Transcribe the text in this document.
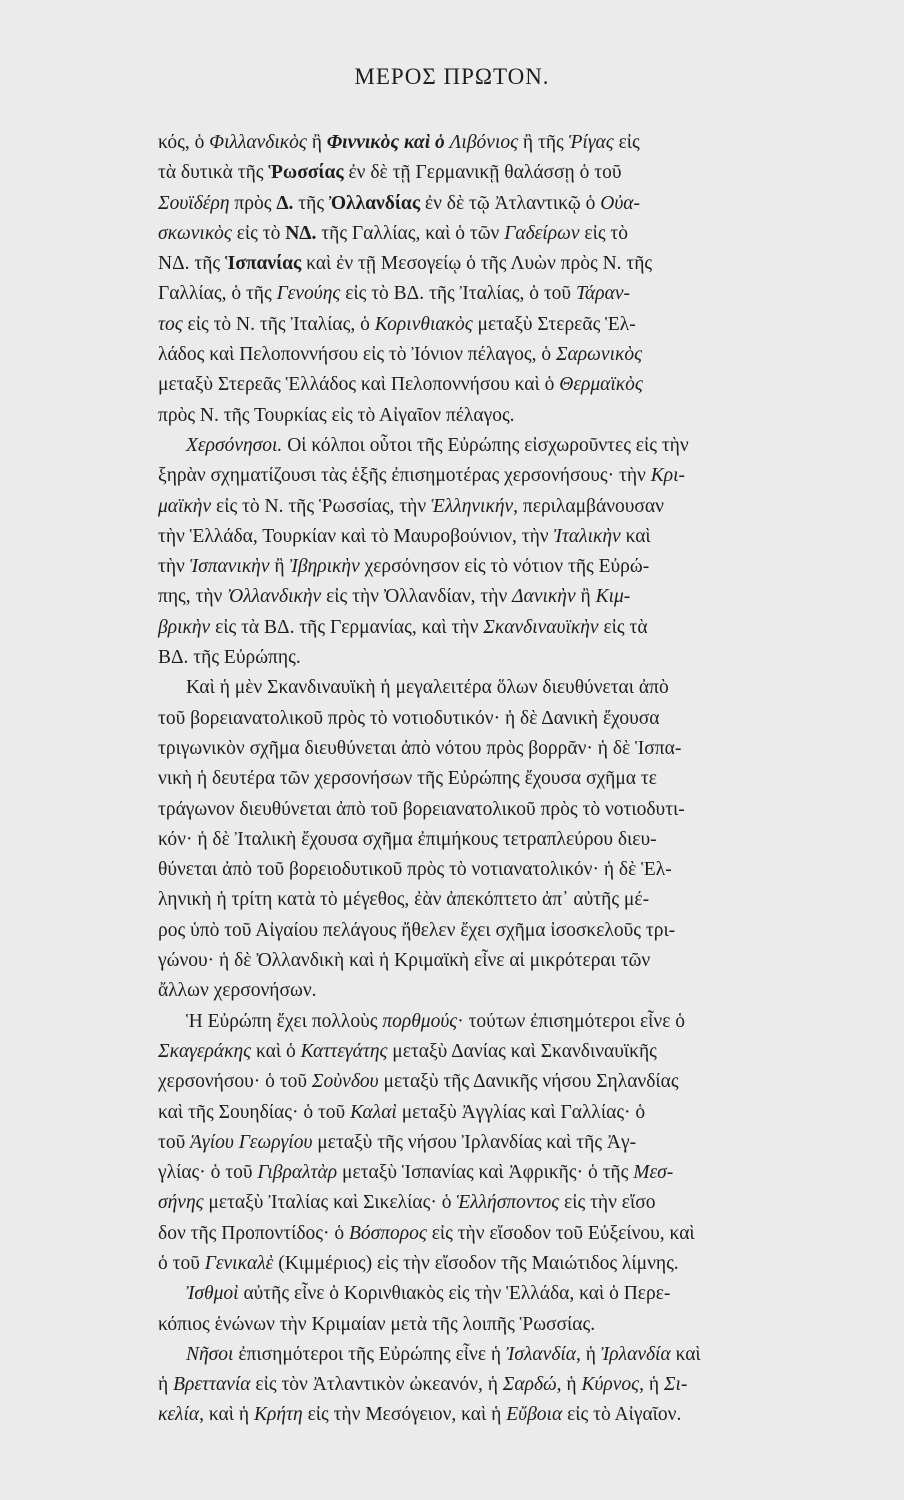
ΜΕΡΟΣ ΠΡΩΤΟΝ.
κός, ὁ Φιλλανδικὸς ἢ Φιννικὸς καὶ ὁ Λιβόνιος ἢ τῆς Ῥίγας εἰς
τὰ δυτικὰ τῆς Ῥωσσίας ἐν δὲ τῇ Γερμανικῇ θαλάσσῃ ὁ τοῦ
Σουϊδέρη πρὸς Δ. τῆς Ὀλλανδίας ἐν δὲ τῷ Ἀτλαντικῷ ὁ Οὐα-
σκωνικὸς εἰς τὸ ΝΔ. τῆς Γαλλίας, καὶ ὁ τῶν Γαδείρων εἰς τὸ
ΝΔ. τῆς Ἱσπανίας καὶ ἐν τῇ Μεσογείῳ ὁ τῆς Λυὼν πρὸς Ν. τῆς
Γαλλίας, ὁ τῆς Γενούης εἰς τὸ ΒΔ. τῆς Ἰταλίας, ὁ τοῦ Τάραν-
τος εἰς τὸ Ν. τῆς Ἰταλίας, ὁ Κορινθιακὸς μεταξὺ Στερεᾶς Ἑλ-
λάδος καὶ Πελοποννήσου εἰς τὸ Ἰόνιον πέλαγος, ὁ Σαρωνικὸς
μεταξὺ Στερεᾶς Ἑλλάδος καὶ Πελοποννήσου καὶ ὁ Θερμαϊκὸς
πρὸς Ν. τῆς Τουρκίας εἰς τὸ Αἰγαῖον πέλαγος.
Χερσόνησοι. Οἱ κόλποι οὗτοι τῆς Εὐρώπης εἰσχωροῦντες εἰς τὴν
ξηρὰν σχηματίζουσι τὰς ἑξῆς ἐπισημοτέρας χερσονήσους· τὴν Κρι-
μαϊκὴν εἰς τὸ Ν. τῆς Ῥωσσίας, τὴν Ἑλληνικήν, περιλαμβάνουσαν
τὴν Ἑλλάδα, Τουρκίαν καὶ τὸ Μαυροβούνιον, τὴν Ἰταλικὴν καὶ
τὴν Ἱσπανικὴν ἢ Ἰβηρικὴν χερσόνησον εἰς τὸ νότιον τῆς Εὐρώ-
πης, τὴν Ὀλλανδικὴν εἰς τὴν Ὀλλανδίαν, τὴν Δανικὴν ἢ Κιμ-
βρικὴν εἰς τὰ ΒΔ. τῆς Γερμανίας, καὶ τὴν Σκανδιναυϊκὴν εἰς τὰ
ΒΔ. τῆς Εὐρώπης.
Καὶ ἡ μὲν Σκανδιναυϊκὴ ἡ μεγαλειτέρα ὅλων διευθύνεται ἀπὸ
τοῦ βορειανατολικοῦ πρὸς τὸ νοτιοδυτικόν· ἡ δὲ Δανικὴ ἔχουσα
τριγωνικὸν σχῆμα διευθύνεται ἀπὸ νότου πρὸς βορρᾶν· ἡ δὲ Ἱσπα-
νικὴ ἡ δευτέρα τῶν χερσονήσων τῆς Εὐρώπης ἔχουσα σχῆμα τε
τράγωνον διευθύνεται ἀπὸ τοῦ βορειανατολικοῦ πρὸς τὸ νοτιοδυτι-
κόν· ἡ δὲ Ἰταλικὴ ἔχουσα σχῆμα ἐπιμήκους τετραπλεύρου διευ-
θύνεται ἀπὸ τοῦ βορειοδυτικοῦ πρὸς τὸ νοτιανατολικόν· ἡ δὲ Ἑλ-
ληνικὴ ἡ τρίτη κατὰ τὸ μέγεθος, ἐὰν ἀπεκόπτετο ἀπ᾿ αὐτῆς μέ-
ρος ὑπὸ τοῦ Αἰγαίου πελάγους ἤθελεν ἔχει σχῆμα ἰσοσκελοῦς τρι-
γώνου· ἡ δὲ Ὀλλανδικὴ καὶ ἡ Κριμαϊκὴ εἶνε αἱ μικρότεραι τῶν
ἄλλων χερσονήσων.
Ἡ Εὐρώπη ἔχει πολλοὺς πορθμούς· τούτων ἐπισημότεροι εἶνε ὁ
Σκαγεράκης καὶ ὁ Καττεγάτης μεταξὺ Δανίας καὶ Σκανδιναυϊκῆς
χερσονήσου· ὁ τοῦ Σοὺνδου μεταξὺ τῆς Δανικῆς νήσου Σηλανδίας
καὶ τῆς Σουηδίας· ὁ τοῦ Καλαὶ μεταξὺ Ἀγγλίας καὶ Γαλλίας· ὁ
τοῦ Ἁγίου Γεωργίου μεταξὺ τῆς νήσου Ἰρλανδίας καὶ τῆς Ἀγ-
γλίας· ὁ τοῦ Γιβραλτὰρ μεταξὺ Ἱσπανίας καὶ Ἀφρικῆς· ὁ τῆς Μεσ-
σήνης μεταξὺ Ἰταλίας καὶ Σικελίας· ὁ Ἑλλήσποντος εἰς τὴν εἴσο
δον τῆς Προποντίδος· ὁ Βόσπορος εἰς τὴν εἴσοδον τοῦ Εὐξείνου, καὶ
ὁ τοῦ Γενικαλὲ (Κιμμέριος) εἰς τὴν εἴσοδον τῆς Μαιώτιδος λίμνης.
Ἰσθμοὶ αὐτῆς εἶνε ὁ Κορινθιακὸς εἰς τὴν Ἑλλάδα, καὶ ὁ Περε-
κόπιος ἑνώνων τὴν Κριμαίαν μετὰ τῆς λοιπῆς Ῥωσσίας.
Νῆσοι ἐπισημότεροι τῆς Εὐρώπης εἶνε ἡ Ἰσλανδία, ἡ Ἰρλανδία καὶ
ἡ Βρεττανία εἰς τὸν Ἀτλαντικὸν ὠκεανόν, ἡ Σαρδώ, ἡ Κύρνος, ἡ Σι-
κελία, καὶ ἡ Κρήτη εἰς τὴν Μεσόγειον, καὶ ἡ Εὔβοια εἰς τὸ Αἰγαῖον.
